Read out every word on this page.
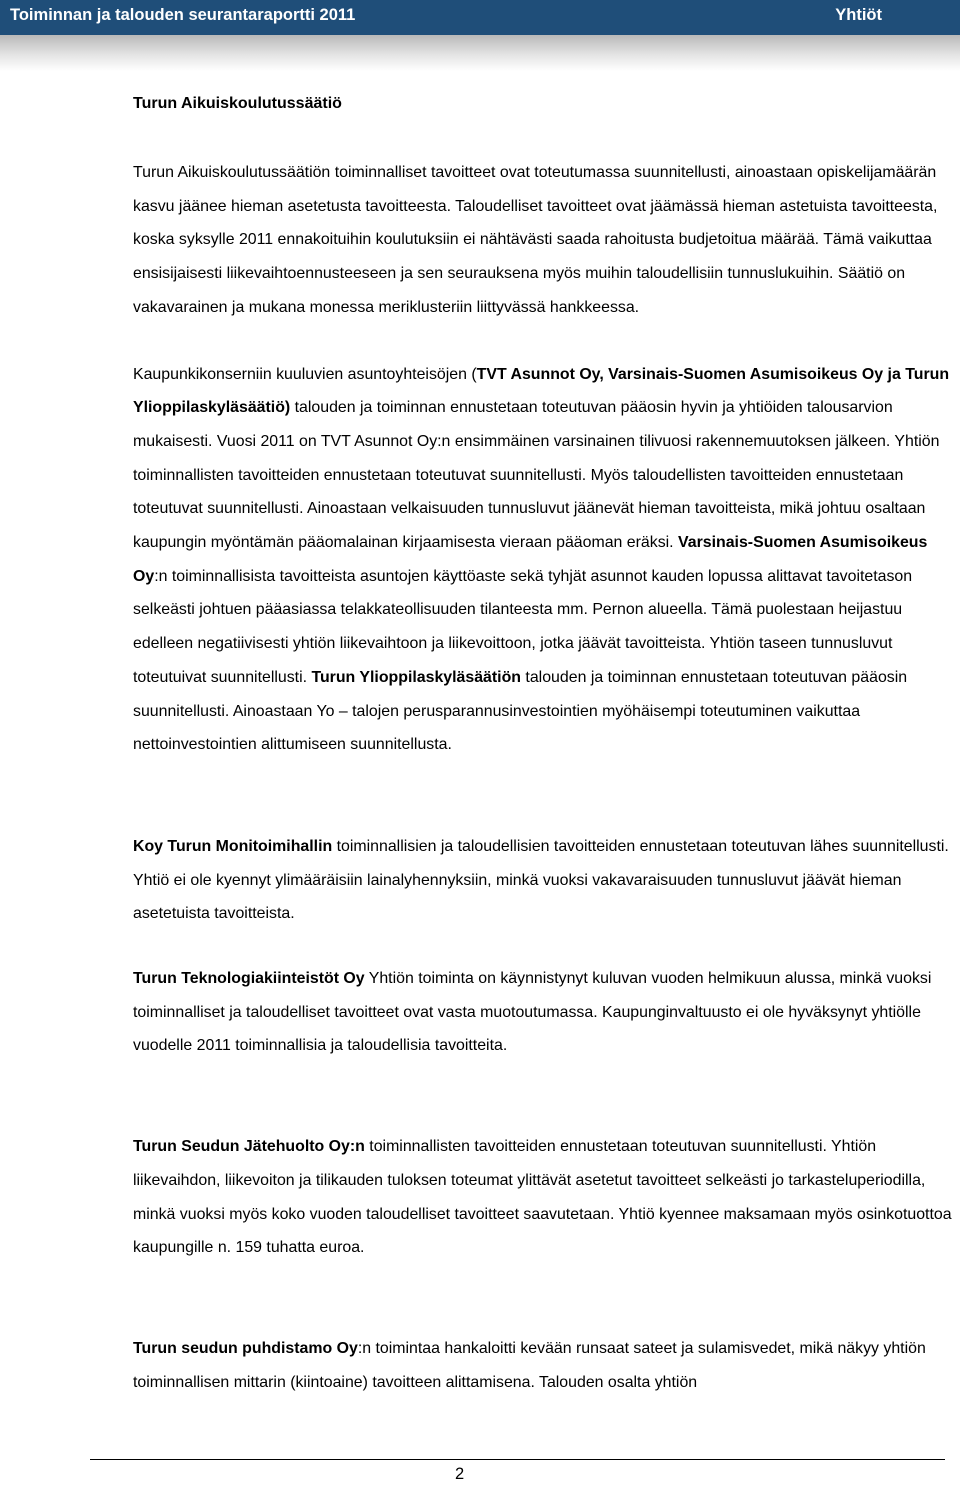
Toiminnan ja talouden seurantaraportti 2011	Yhtiöt

Turun Aikuiskoulutussäätiö

Turun Aikuiskoulutussäätiön toiminnalliset tavoitteet ovat toteutumassa suunnitellusti, ainoastaan opiskelijamäärän kasvu jäänee hieman asetetusta tavoitteesta. Taloudelliset tavoitteet ovat jäämässä hieman astetuista tavoitteesta, koska syksylle 2011 ennakoituihin koulutuksiin ei nähtävästi saada rahoitusta budjetoitua määrää. Tämä vaikuttaa ensisijaisesti liikevaihtoennusteeseen ja sen seurauksena myös muihin taloudellisiin tunnuslukuihin. Säätiö on vakavarainen ja mukana monessa meriklusteriin liittyvässä hankkeessa.

Kaupunkikonserniin kuuluvien asuntoyhteisöjen (TVT Asunnot Oy, Varsinais-Suomen Asumisoikeus Oy ja Turun Ylioppilaskyläsäätiö) talouden ja toiminnan ennustetaan toteutuvan pääosin hyvin ja yhtiöiden talousarvion mukaisesti. Vuosi 2011 on TVT Asunnot Oy:n ensimmäinen varsinainen tilivuosi rakennemuutoksen jälkeen. Yhtiön toiminnallisten tavoitteiden ennustetaan toteutuvat suunnitellusti. Myös taloudellisten tavoitteiden ennustetaan toteutuvat suunnitellusti. Ainoastaan velkaisuuden tunnusluvut jäänevät hieman tavoitteista, mikä johtuu osaltaan kaupungin myöntämän pääomalainan kirjaamisesta vieraan pääoman eräksi. Varsinais-Suomen Asumisoikeus Oy:n toiminnallisista tavoitteista asuntojen käyttöaste sekä tyhjät asunnot kauden lopussa alittavat tavoitetason selkeästi johtuen pääasiassa telakkateollisuuden tilanteesta mm. Pernon alueella. Tämä puolestaan heijastuu edelleen negatiivisesti yhtiön liikevaihtoon ja liikevoittoon, jotka jäävät tavoitteista. Yhtiön taseen tunnusluvut toteutuivat suunnitellusti. Turun Ylioppilaskyläsäätiön talouden ja toiminnan ennustetaan toteutuvan pääosin suunnitellusti. Ainoastaan Yo – talojen perusparannusinvestointien myöhäisempi toteutuminen vaikuttaa nettoinvestointien alittumiseen suunnitellusta.

Koy Turun Monitoimihallin toiminnallisien ja taloudellisien tavoitteiden ennustetaan toteutuvan lähes suunnitellusti. Yhtiö ei ole kyennyt ylimääräisiin lainalyhennyksiin, minkä vuoksi vakavaraisuuden tunnusluvut jäävät hieman asetetuista tavoitteista.

Turun Teknologiakiinteistöt Oy Yhtiön toiminta on käynnistynyt kuluvan vuoden helmikuun alussa, minkä vuoksi toiminnalliset ja taloudelliset tavoitteet ovat vasta muotoutumassa. Kaupunginvaltuusto ei ole hyväksynyt yhtiölle vuodelle 2011 toiminnallisia ja taloudellisia tavoitteita.

Turun Seudun Jätehuolto Oy:n toiminnallisten tavoitteiden ennustetaan toteutuvan suunnitellusti. Yhtiön liikevaihdon, liikevoiton ja tilikauden tuloksen toteumat ylittävät asetetut tavoitteet selkeästi jo tarkasteluperiodilla, minkä vuoksi myös koko vuoden taloudelliset tavoitteet saavutetaan. Yhtiö kyennee maksamaan myös osinkotuottoa kaupungille n. 159 tuhatta euroa.

Turun seudun puhdistamo Oy:n toimintaa hankaloitti kevään runsaat sateet ja sulamisvedet, mikä näkyy yhtiön toiminnallisen mittarin (kiintoaine) tavoitteen alittamisena. Talouden osalta yhtiön

2
